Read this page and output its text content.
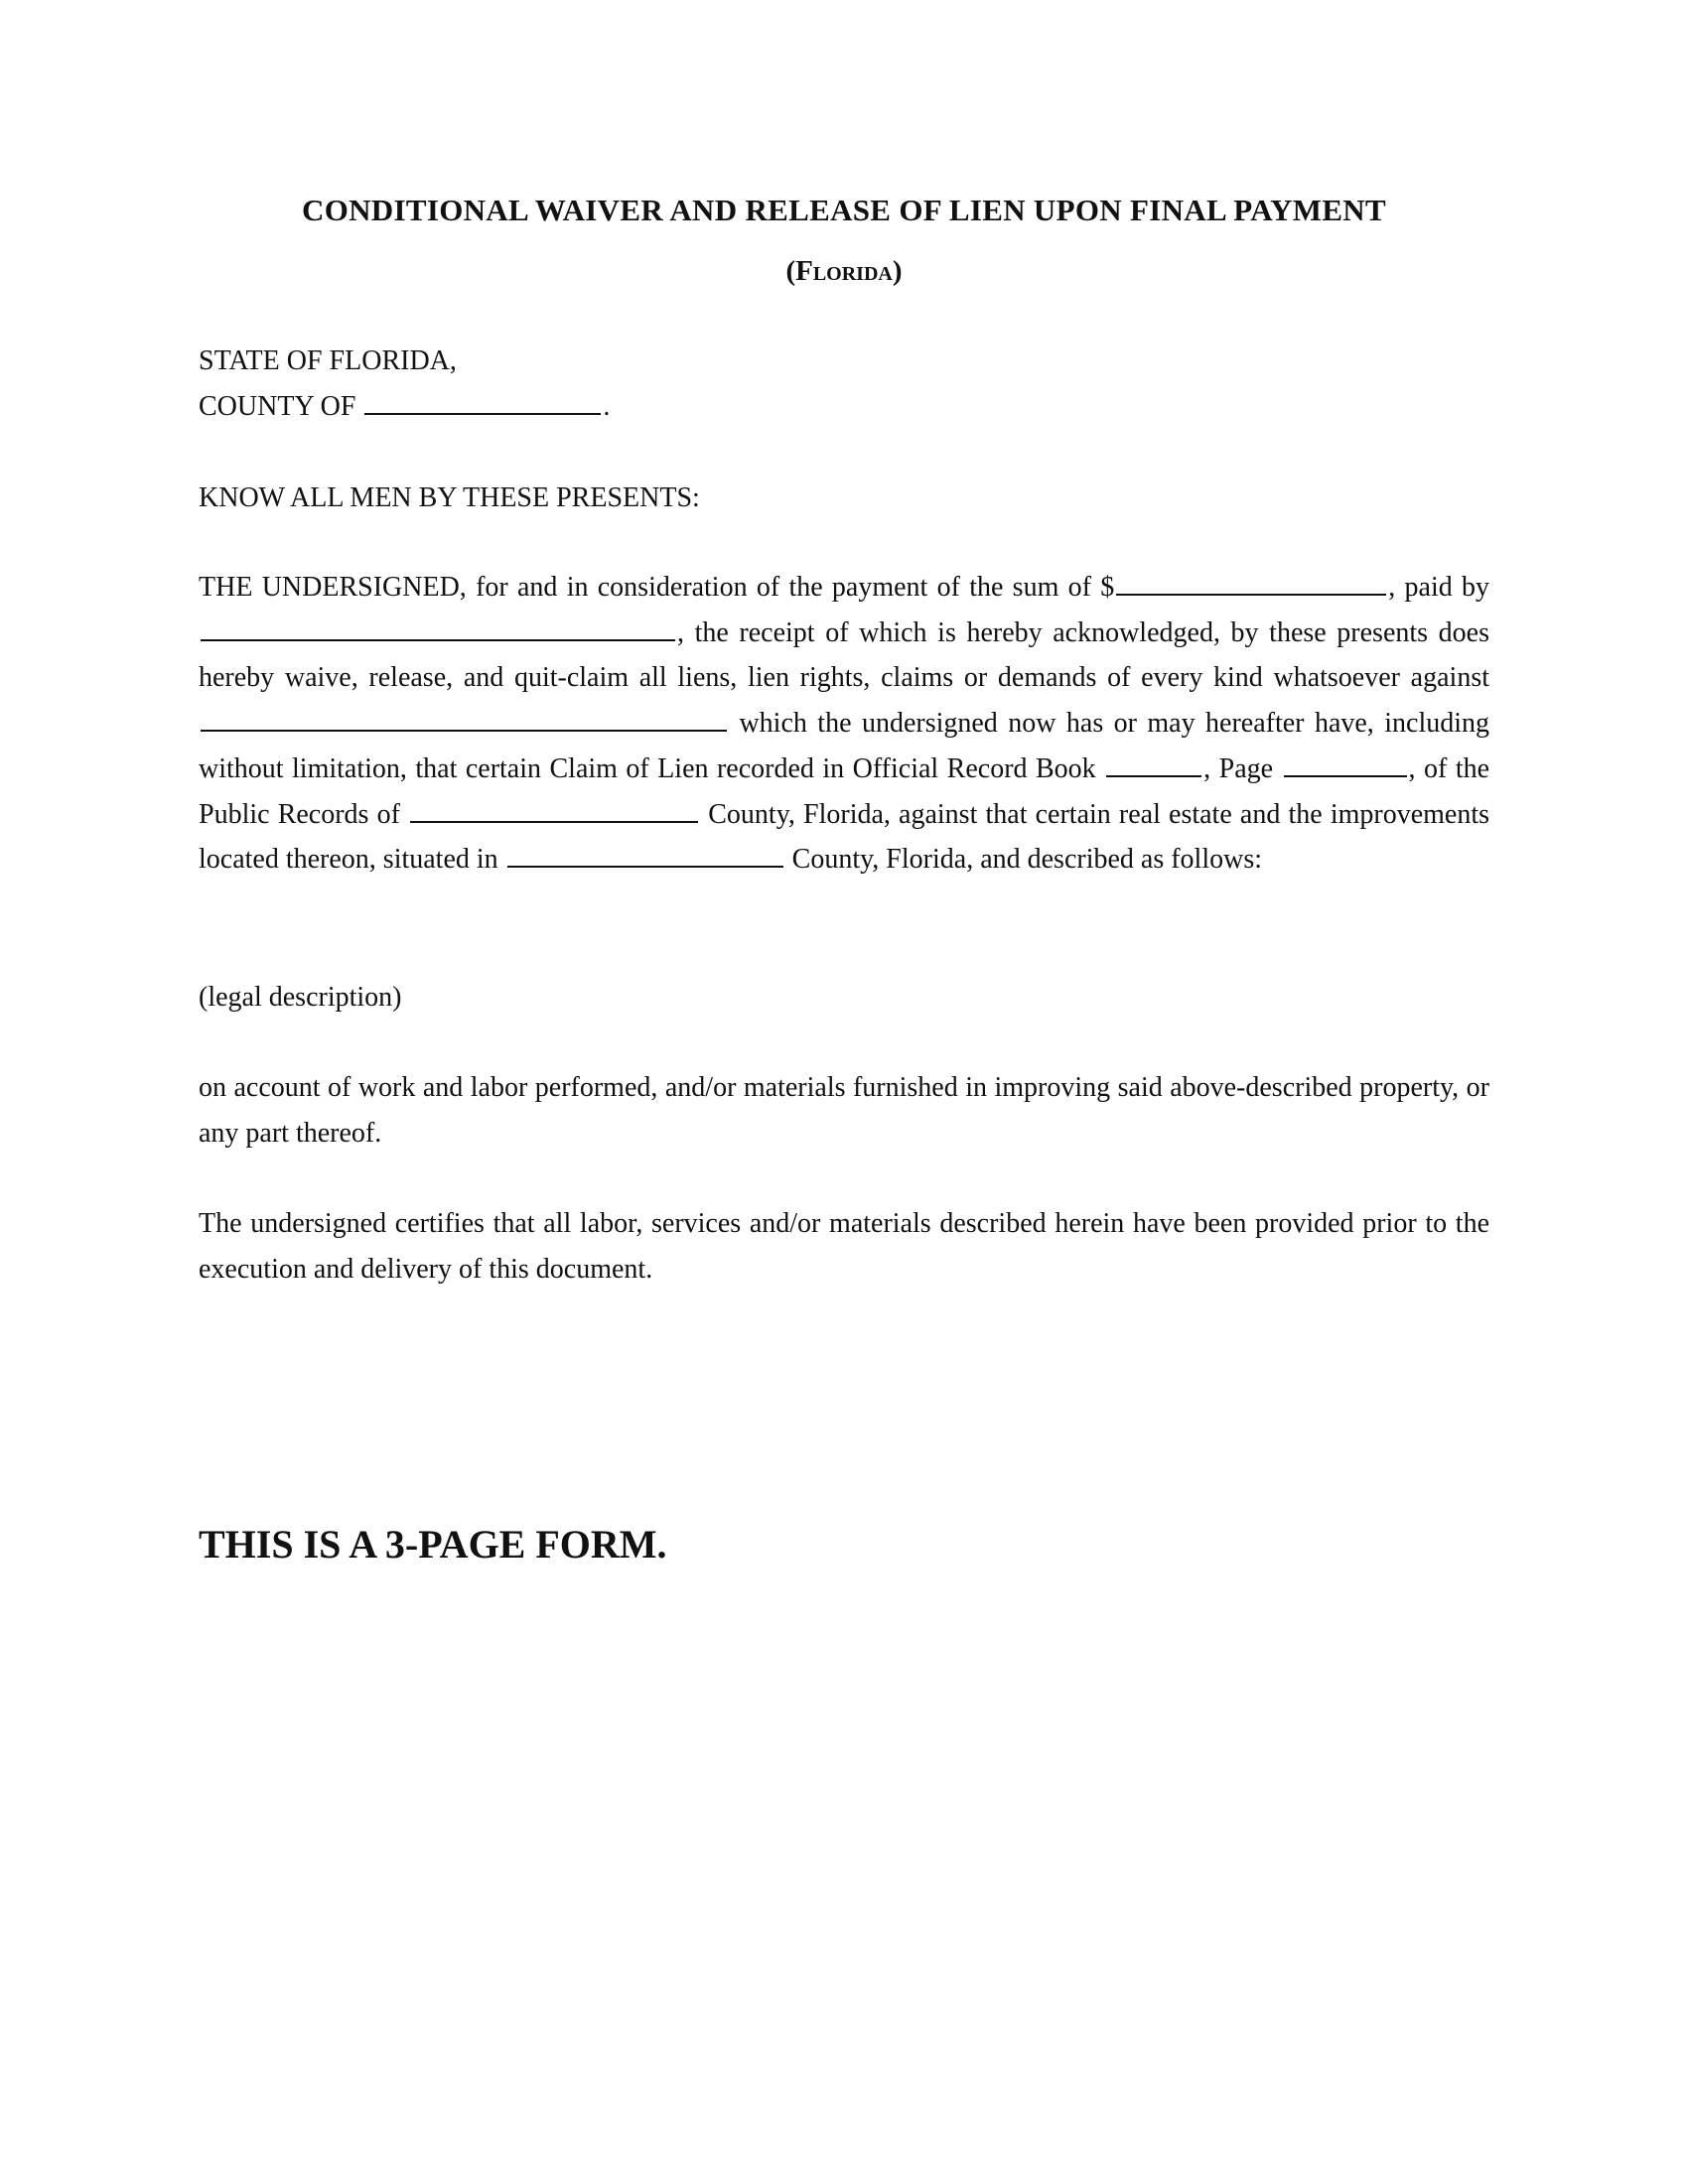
CONDITIONAL WAIVER AND RELEASE OF LIEN UPON FINAL PAYMENT
(Florida)

STATE OF FLORIDA,
COUNTY OF	.

KNOW ALL MEN BY THESE PRESENTS:

THE UNDERSIGNED, for and in consideration of the payment of the sum of $	, paid by , the receipt of which is hereby acknowledged, by these presents does hereby waive, release, and quit-claim all liens, lien rights, claims or demands of every kind whatsoever against  which the undersigned now has or may hereafter have, including without limitation, that certain Claim of Lien recorded in Official Record Book	, Page	, of the Public Records of	County, Florida, against that certain real estate and the improvements located thereon, situated in	County, Florida, and described as follows:

(legal description)

on account of work and labor performed, and/or materials furnished in improving said above-described property, or any part thereof.

The undersigned certifies that all labor, services and/or materials described herein have been provided prior to the execution and delivery of this document.

THIS IS A 3-PAGE FORM.
